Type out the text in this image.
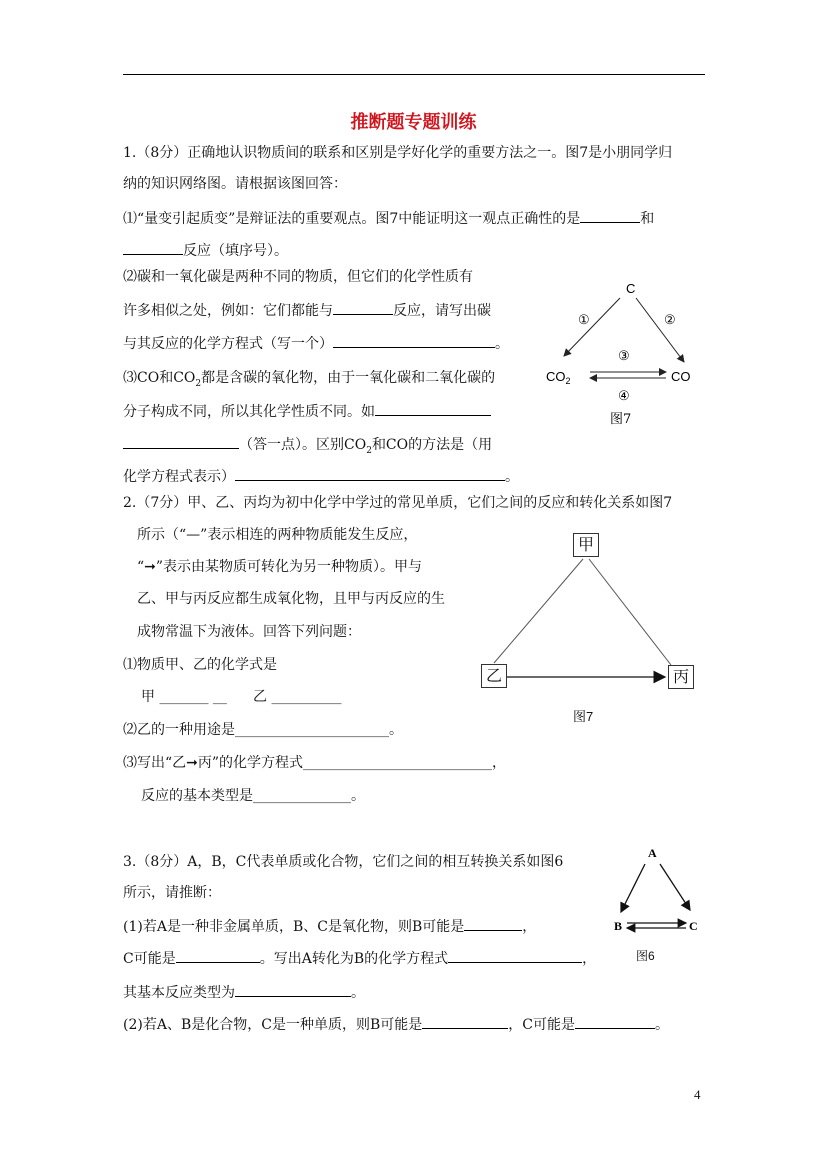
推断题专题训练
1.（8分）正确地认识物质间的联系和区别是学好化学的重要方法之一。图7是小朋同学归
纳的知识网络图。请根据该图回答：
⑴“量变引起质变”是辩证法的重要观点。图7中能证明这一观点正确性的是	和
反应（填序号）。
⑵碳和一氧化碳是两种不同的物质，但它们的化学性质有
许多相似之处，例如：它们都能与	反应，请写出碳
与其反应的化学方程式（写一个）	。
⑶CO和$CO_2$都是含碳的氧化物，由于一氧化碳和二氧化碳的
分子构成不同，所以其化学性质不同。如
（答一点）。区别$CO_2$和CO的方法是（用
化学方程式表示）	。
C
①	②
$CO_2$	CO
③
④
图7
2.（7分）甲、乙、丙均为初中化学中学过的常见单质，它们之间的反应和转化关系如图7
所示（“—”表示相连的两种物质能发生反应，
“➞”表示由某物质可转化为另一种物质）。甲与
乙、甲与丙反应都生成氧化物，且甲与丙反应的生
成物常温下为液体。回答下列问题：
⑴物质甲、乙的化学式是
甲 _______ __ 乙 __________
⑵乙的一种用途是______________________。
⑶写出“乙➞丙”的化学方程式___________________________，
反应的基本类型是______________。
甲
乙	丙
图7
3.（8分）A，B，C代表单质或化合物，它们之间的相互转换关系如图6
所示，请推断：
(1)若A是一种非金属单质，B、C是氧化物，则B可能是	，
C可能是	。写出A转化为B的化学方程式	，
其基本反应类型为	。
(2)若A、B是化合物，C是一种单质，则B可能是	，C可能是	。
A
B	C
图6
4
